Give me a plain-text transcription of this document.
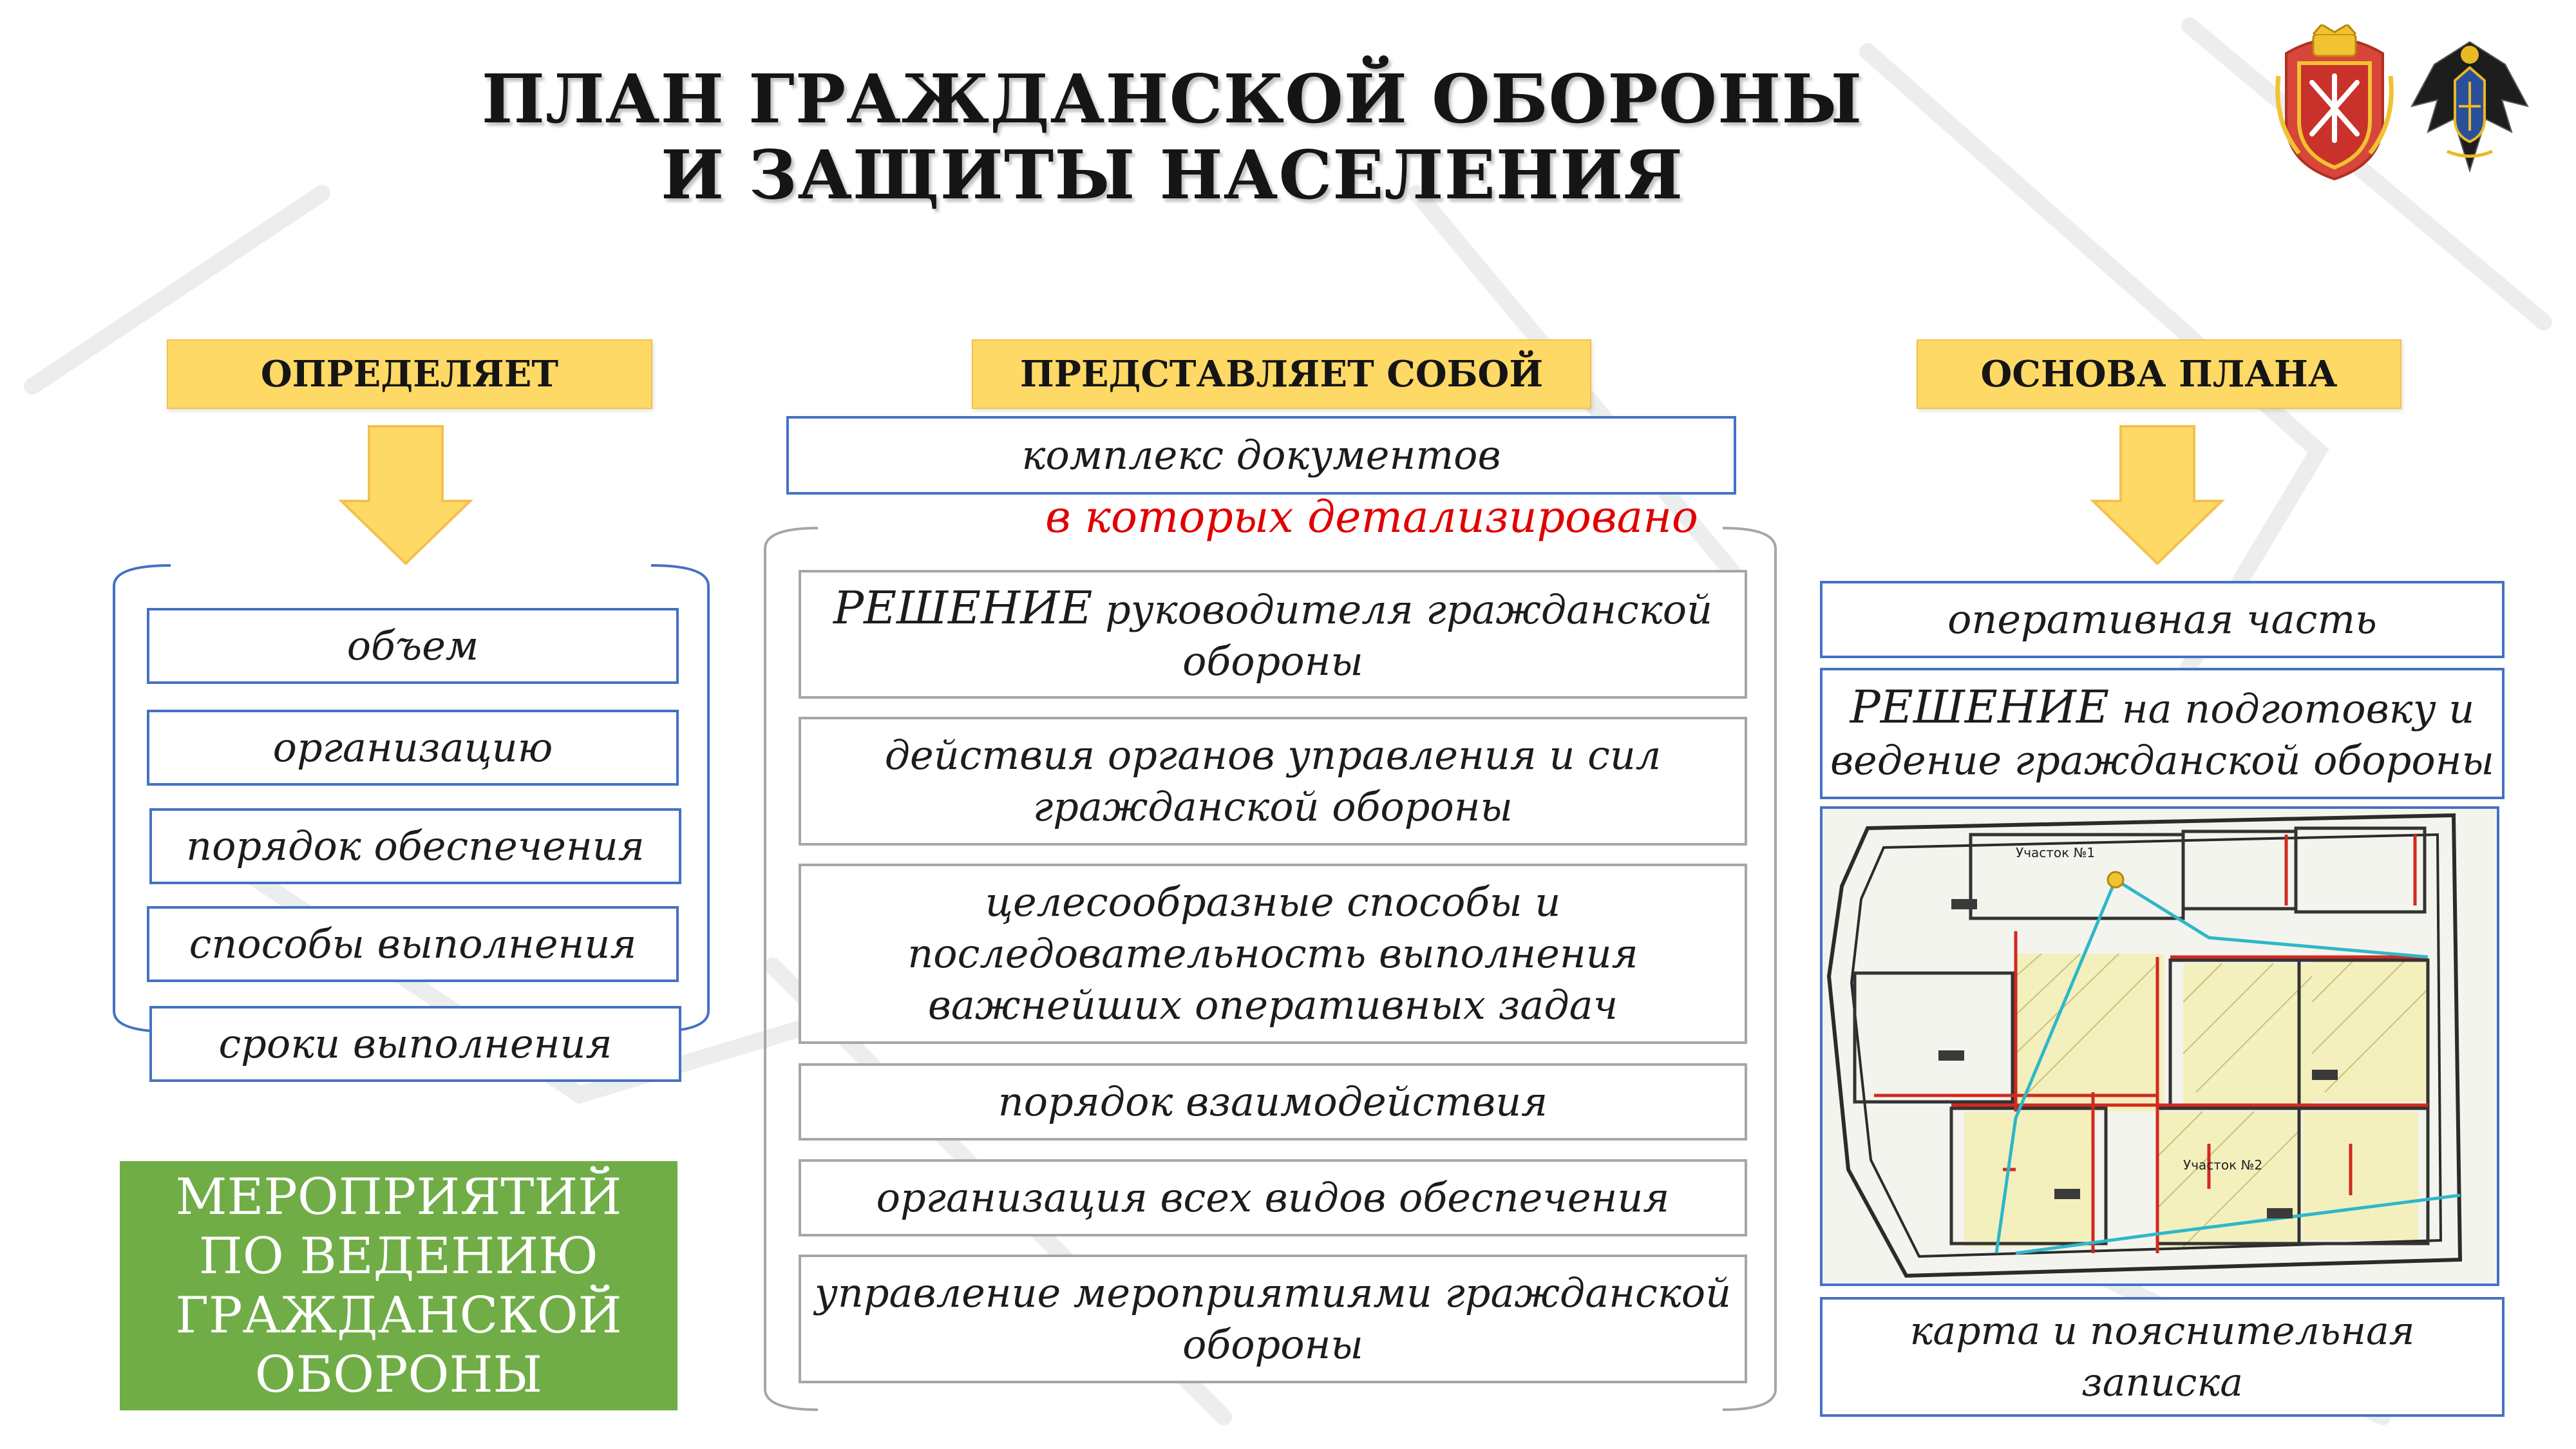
ПЛАН ГРАЖДАНСКОЙ ОБОРОНЫ
И ЗАЩИТЫ НАСЕЛЕНИЯ
ОПРЕДЕЛЯЕТ
объем
организацию
порядок обеспечения
способы выполнения
сроки выполнения
МЕРОПРИЯТИЙ
ПО ВЕДЕНИЮ
ГРАЖДАНСКОЙ
ОБОРОНЫ
ПРЕДСТАВЛЯЕТ СОБОЙ
комплекс документов
в которых детализировано
РЕШЕНИЕ руководителя гражданской
обороны
действия органов управления и сил
гражданской обороны
целесообразные способы и
последовательность выполнения
важнейших оперативных задач
порядок взаимодействия
организация всех видов обеспечения
управление мероприятиями гражданской
обороны
ОСНОВА ПЛАНА
оперативная часть
РЕШЕНИЕ на подготовку и
ведение гражданской обороны
Участок №1
Участок №2
карта и пояснительная
записка
